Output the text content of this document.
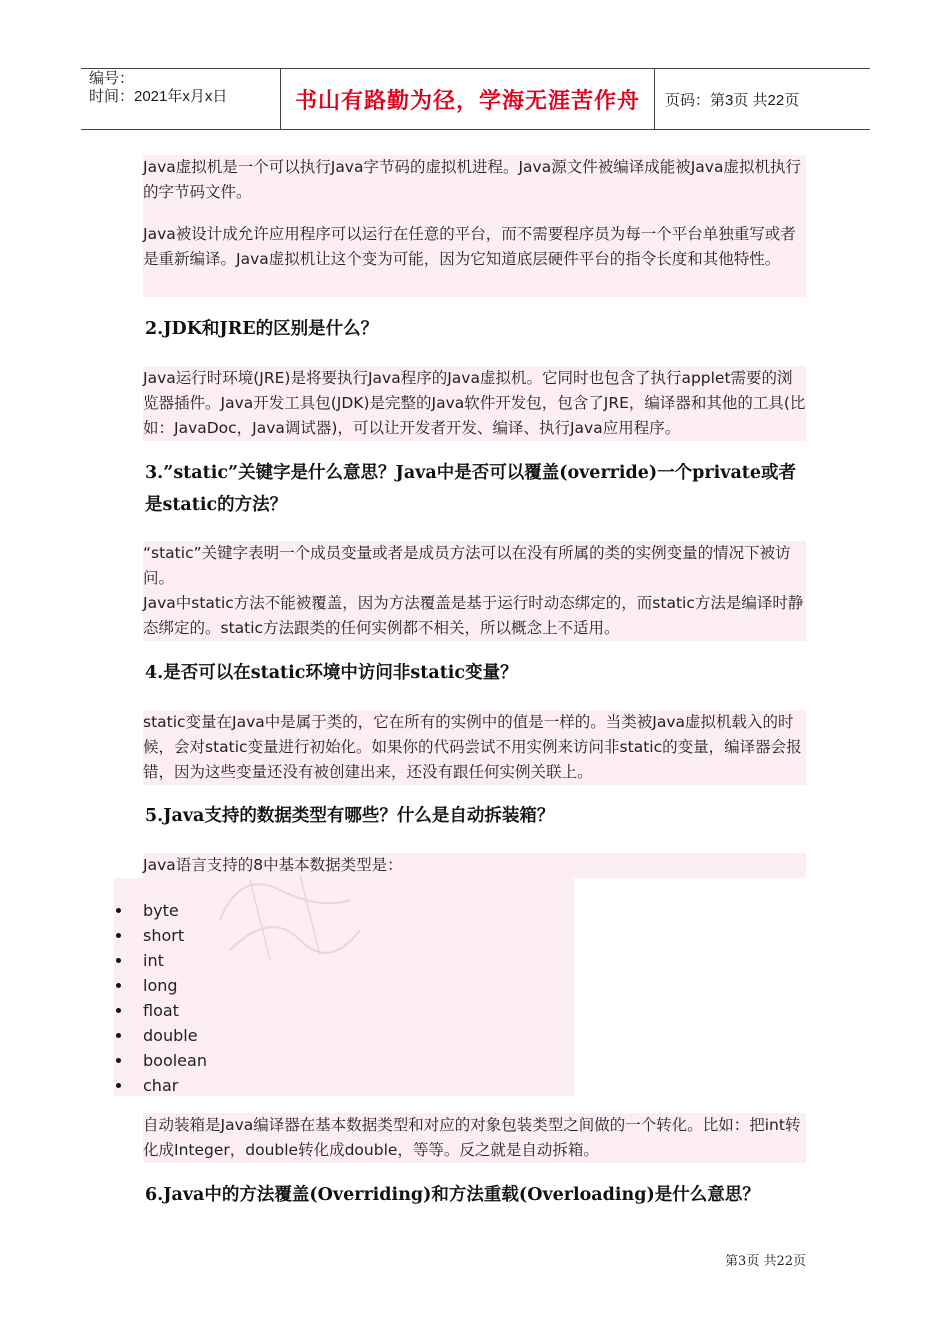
编号：
时间：2021年x月x日	书山有路勤为径，学海无涯苦作舟	页码：第3页 共22页

Java虚拟机是一个可以执行Java字节码的虚拟机进程。Java源文件被编译成能被Java虚拟机执行的字节码文件。

Java被设计成允许应用程序可以运行在任意的平台，而不需要程序员为每一个平台单独重写或者是重新编译。Java虚拟机让这个变为可能，因为它知道底层硬件平台的指令长度和其他特性。

2.JDK和JRE的区别是什么？

Java运行时环境(JRE)是将要执行Java程序的Java虚拟机。它同时也包含了执行applet需要的浏览器插件。Java开发工具包(JDK)是完整的Java软件开发包，包含了JRE，编译器和其他的工具(比如：JavaDoc，Java调试器)，可以让开发者开发、编译、执行Java应用程序。

3.”static”关键字是什么意思？Java中是否可以覆盖(override)一个private或者是static的方法？

“static”关键字表明一个成员变量或者是成员方法可以在没有所属的类的实例变量的情况下被访问。

Java中static方法不能被覆盖，因为方法覆盖是基于运行时动态绑定的，而static方法是编译时静态绑定的。static方法跟类的任何实例都不相关，所以概念上不适用。

4.是否可以在static环境中访问非static变量？

static变量在Java中是属于类的，它在所有的实例中的值是一样的。当类被Java虚拟机载入的时候，会对static变量进行初始化。如果你的代码尝试不用实例来访问非static的变量，编译器会报错，因为这些变量还没有被创建出来，还没有跟任何实例关联上。

5.Java支持的数据类型有哪些？什么是自动拆装箱？

Java语言支持的8中基本数据类型是：

byte
short
int
long
float
double
boolean
char

自动装箱是Java编译器在基本数据类型和对应的对象包装类型之间做的一个转化。比如：把int转化成Integer，double转化成double，等等。反之就是自动拆箱。

6.Java中的方法覆盖(Overriding)和方法重载(Overloading)是什么意思？
第3页 共22页
